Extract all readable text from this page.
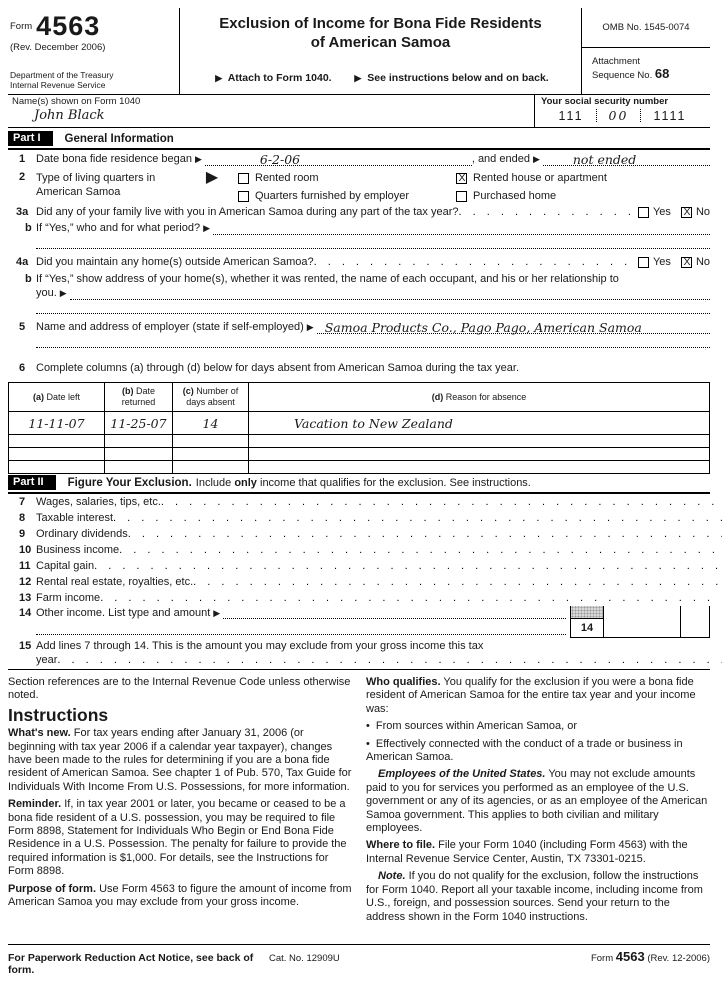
Form 4563
(Rev. December 2006)
Department of the Treasury
Internal Revenue Service
Exclusion of Income for Bona Fide Residents
of American Samoa
▶ Attach to Form 1040. ▶	See instructions below and on back.
OMB No. 1545-0074
Attachment
Sequence No. 68
Name(s) shown on Form 1040
John Black
Your social security number
111 00 1111
Part I	General Information
1 Date bona fide residence began ▶	6-2-06	, and ended ▶	not ended
2 Type of living quarters in
American Samoa
▶
Rented room X	Rented house or apartment
Quarters furnished by employer	Purchased home
3a Did any of your family live with you in American Samoa during any part of the tax year? . . .	Yes X No
b If “Yes,” who and for what period?
▶
4a Did you maintain any home(s) outside American Samoa? . . .	Yes X No
b If “Yes,” show address of your home(s), whether it was rented, the name of each occupant, and his or her relationship to
you.
▶
5 Name and address of employer (state if self-employed) ▶ Samoa Products Co., Pago Pago, American Samoa
6 Complete columns (a) through (d) below for days absent from American Samoa during the tax year.
(a) Date left	(b) Date returned	(c) Number of days absent	(d) Reason for absence
11-11-07	11-25-07	14	Vacation to New Zealand

Part II	Figure Your Exclusion. Include only income that qualifies for the exclusion. See instructions.
7 Wages, salaries, tips, etc.
. . .
8 Taxable interest
. . .
9 Ordinary dividends
. . .
10 Business income
. . .
11 Capital gain
. . .
12 Rental real estate, royalties, etc.
. . .
13 Farm income
. . .
14 Other income. List type and amount
▶
14
15 Add lines 7 through 14. This is the amount you may exclude from your gross income this tax
year
. . .

Section references are to the Internal Revenue Code unless otherwise noted.

Instructions

What's new. For tax years ending after January 31, 2006 (or beginning with tax year 2006 if a calendar year taxpayer), changes have been made to the rules for determining if you are a bona fide resident of American Samoa. See chapter 1 of Pub. 570, Tax Guide for Individuals With Income From U.S. Possessions, for more information.

Reminder. If, in tax year 2001 or later, you became or ceased to be a bona fide resident of a U.S. possession, you may be required to file Form 8898, Statement for Individuals Who Begin or End Bona Fide Residence in a U.S. Possession. The penalty for failure to provide the required information is $1,000. For details, see the Instructions for Form 8898.

Purpose of form. Use Form 4563 to figure the amount of income from American Samoa you may exclude from your gross income.

Who qualifies. You qualify for the exclusion if you were a bona fide resident of American Samoa for the entire tax year and your income was:

• From sources within American Samoa, or

• Effectively connected with the conduct of a trade or business in American Samoa.

Employees of the United States. You may not exclude amounts paid to you for services you performed as an employee of the U.S. government or any of its agencies, or as an employee of the American Samoa government. This applies to both civilian and military employees.

Where to file. File your Form 1040 (including Form 4563) with the Internal Revenue Service Center, Austin, TX 73301-0215.

Note. If you do not qualify for the exclusion, follow the instructions for Form 1040. Report all your taxable income, including income from U.S., foreign, and possession sources. Send your return to the address shown in the Form 1040 instructions.

For Paperwork Reduction Act Notice, see back of form.
Cat. No. 12909U	Form 4563 (Rev. 12-2006)
